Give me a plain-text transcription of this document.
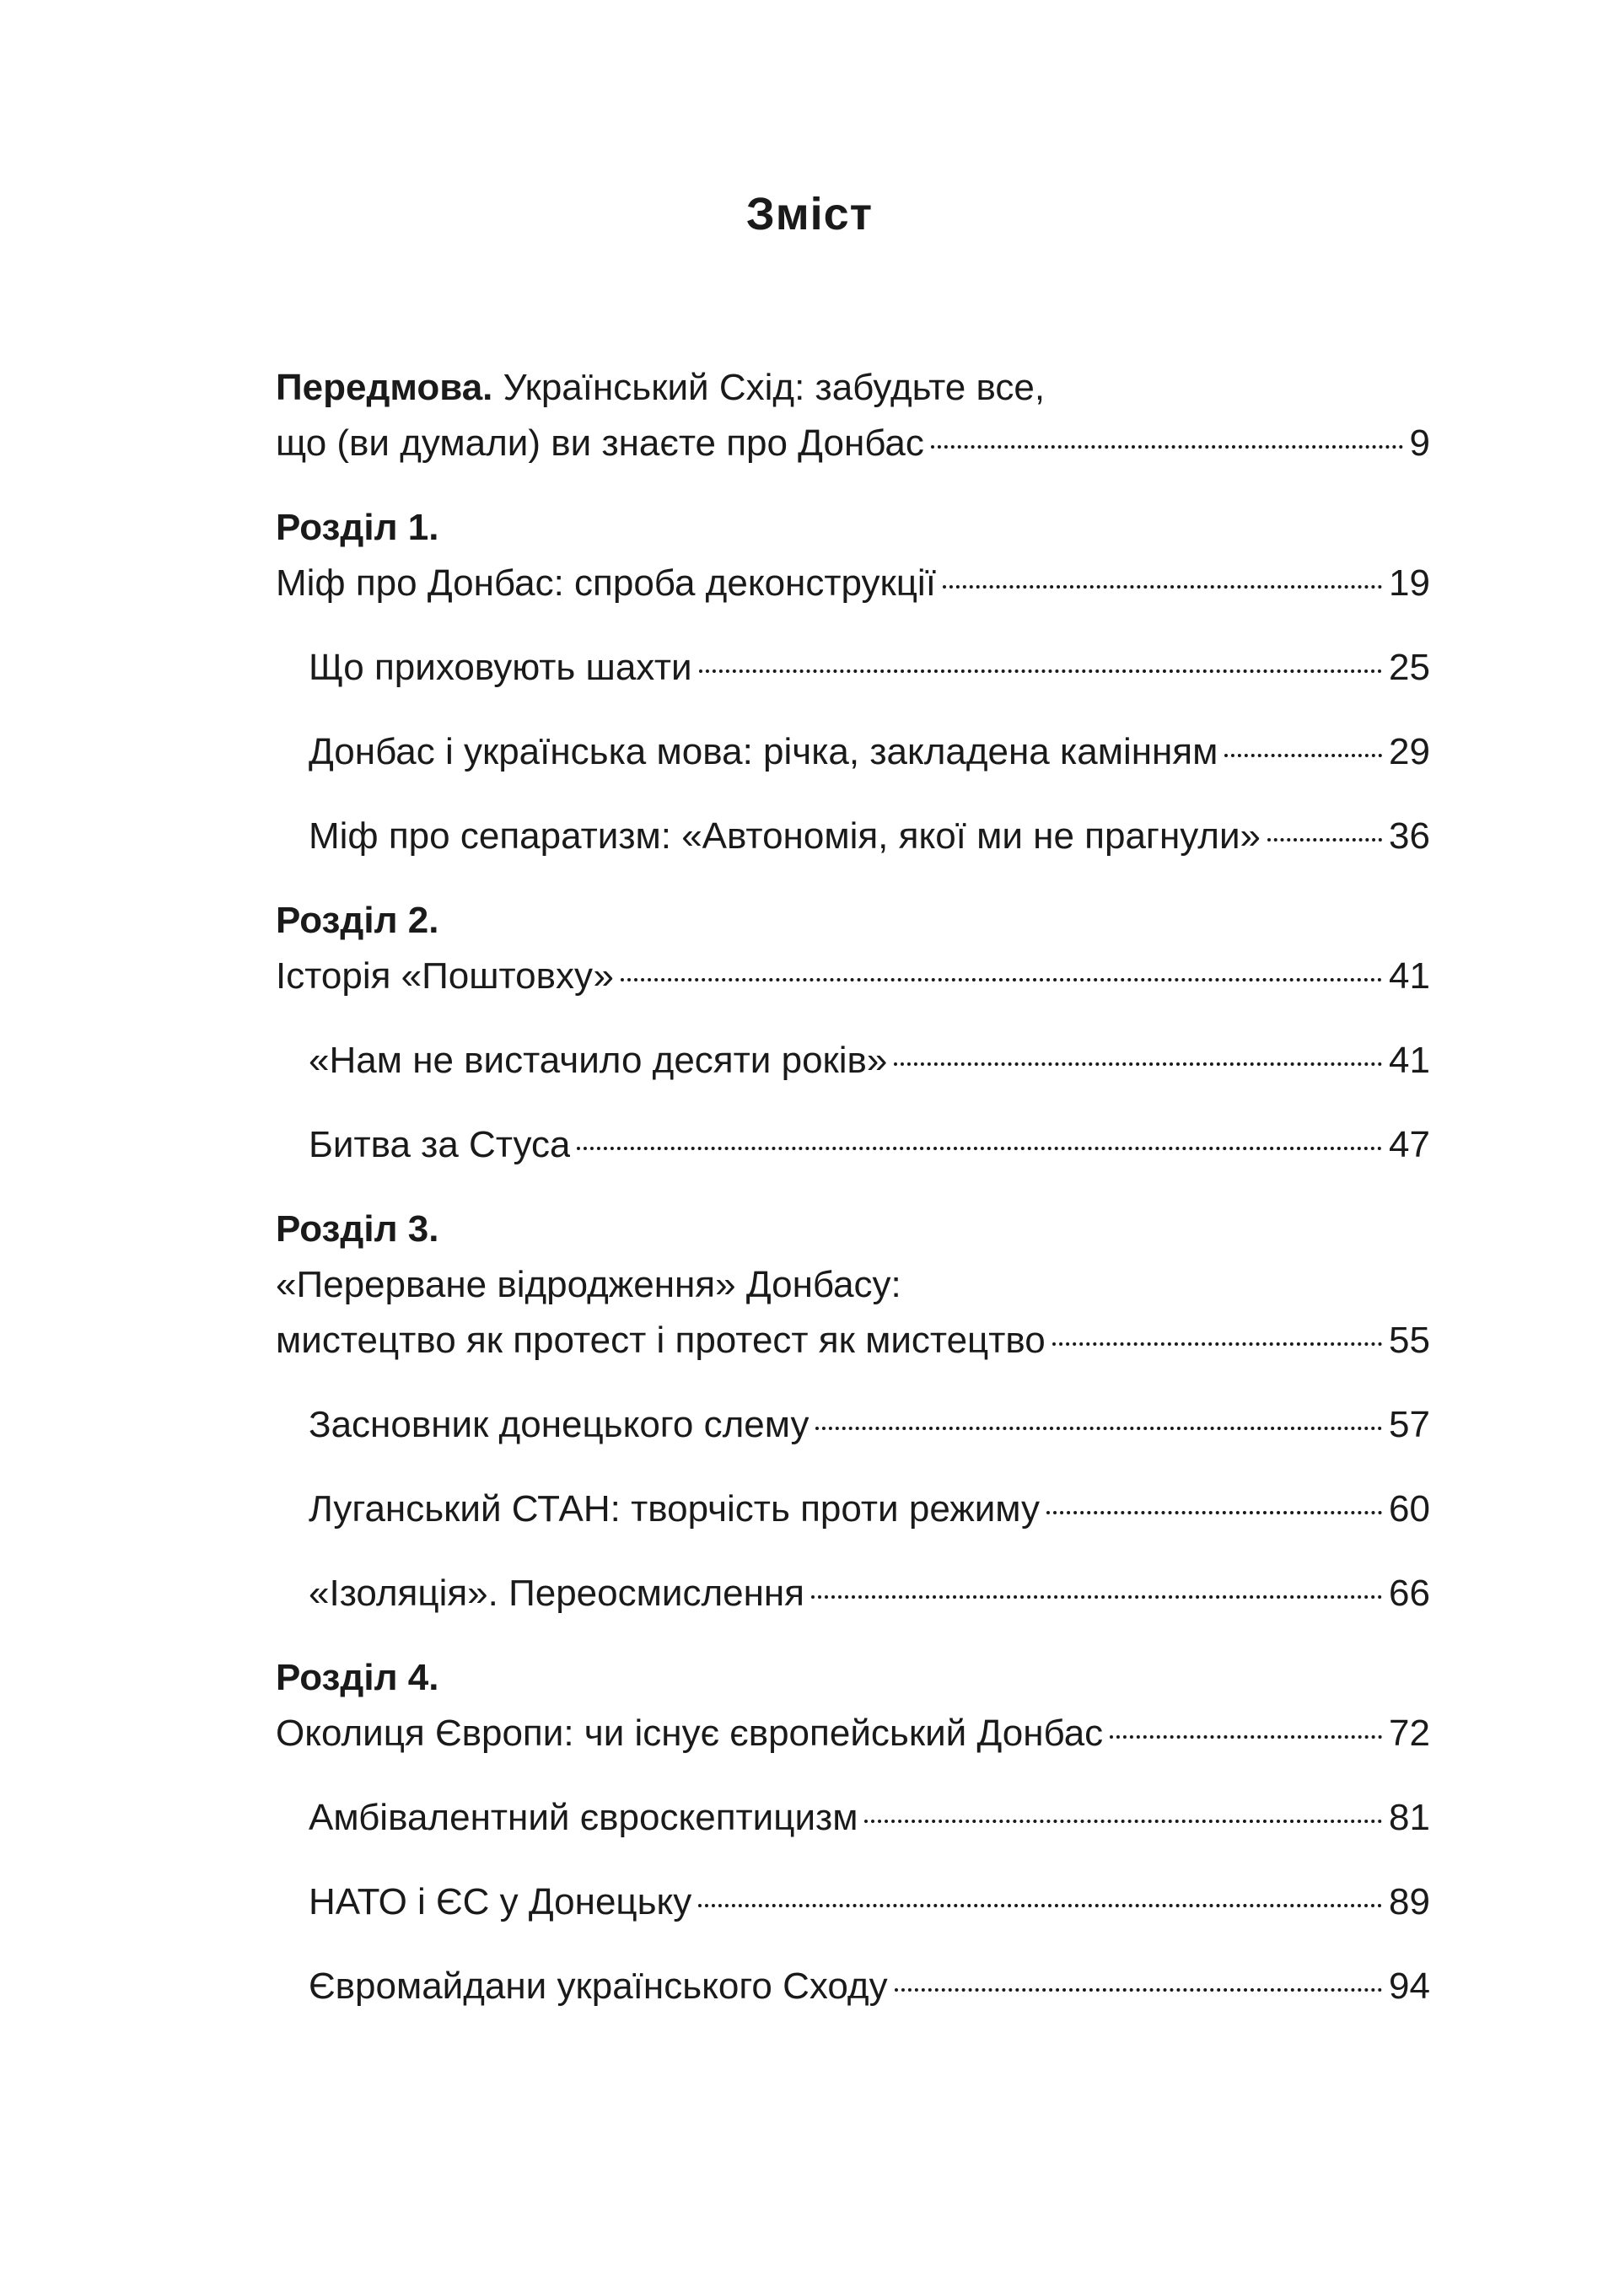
Зміст
Передмова. Український Схід: забудьте все,
що (ви думали) ви знаєте про Донбас	9
Розділ 1.
Міф про Донбас: спроба деконструкції	19
Що приховують шахти	25
Донбас і українська мова: річка, закладена камінням	29
Міф про сепаратизм: «Автономія, якої ми не прагнули»	36
Розділ 2.
Історія «Поштовху»	41
«Нам не вистачило десяти років»	41
Битва за Стуса	47
Розділ 3.
«Перерване відродження» Донбасу:
мистецтво як протест і протест як мистецтво	55
Засновник донецького слему	57
Луганський СТАН: творчість проти режиму	60
«Ізоляція». Переосмислення	66
Розділ 4.
Околиця Європи: чи існує європейський Донбас	72
Амбівалентний євроскептицизм	81
НАТО і ЄС у Донецьку	89
Євромайдани українського Сходу	94
